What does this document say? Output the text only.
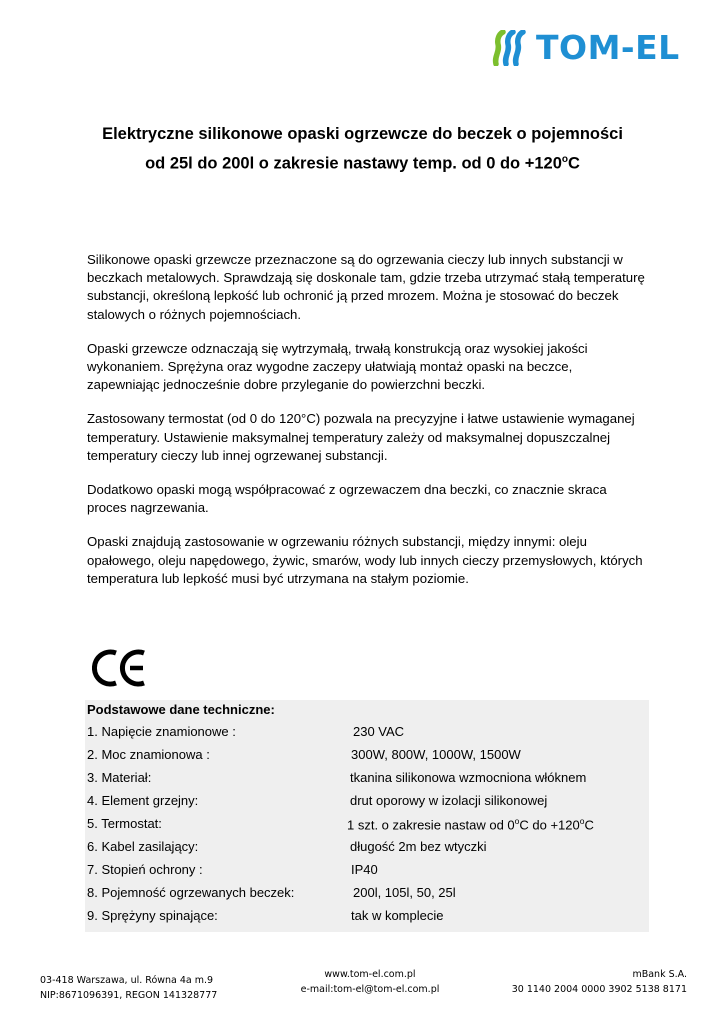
TOM-EL
Elektryczne silikonowe opaski ogrzewcze do beczek o pojemności
od 25l do 200l o zakresie nastawy temp. od 0 do $+120^oC$

Silikonowe opaski grzewcze przeznaczone są do ogrzewania cieczy lub innych substancji w beczkach metalowych. Sprawdzają się doskonale tam, gdzie trzeba utrzymać stałą temperaturę substancji, określoną lepkość lub ochronić ją przed mrozem. Można je stosować do beczek stalowych o różnych pojemnościach.

Opaski grzewcze odznaczają się wytrzymałą, trwałą konstrukcją oraz wysokiej jakości wykonaniem. Sprężyna oraz wygodne zaczepy ułatwiają montaż opaski na beczce, zapewniając jednocześnie dobre przyleganie do powierzchni beczki.

Zastosowany termostat (od 0 do 120°C) pozwala na precyzyjne i łatwe ustawienie wymaganej temperatury. Ustawienie maksymalnej temperatury zależy od maksymalnej dopuszczalnej temperatury cieczy lub innej ogrzewanej substancji.

Dodatkowo opaski mogą współpracować z ogrzewaczem dna beczki, co znacznie skraca proces nagrzewania.

Opaski znajdują zastosowanie w ogrzewaniu różnych substancji, między innymi: oleju opałowego, oleju napędowego, żywic, smarów, wody lub innych cieczy przemysłowych, których temperatura lub lepkość musi być utrzymana na stałym poziomie.

Podstawowe dane techniczne:
1. Napięcie znamionowe :	230 VAC
2. Moc znamionowa :	300W, 800W, 1000W, 1500W
3. Materiał:	tkanina silikonowa wzmocniona włóknem
4. Element grzejny:	drut oporowy w izolacji silikonowej
5. Termostat:	1 szt. o zakresie nastaw od 0$^o$C do $+120^oC$
6. Kabel zasilający:	długość 2m bez wtyczki
7. Stopień ochrony :	IP40
8. Pojemność ogrzewanych beczek:	200l, 105l, 50, 25l
9. Sprężyny spinające:	tak w komplecie
03-418 Warszawa, ul. Równa 4a m.9
NIP:8671096391, REGON 141328777
www.tom-el.com.pl
e-mail:tom-el@tom-el.com.pl
mBank S.A.
30 1140 2004 0000 3902 5138 8171
